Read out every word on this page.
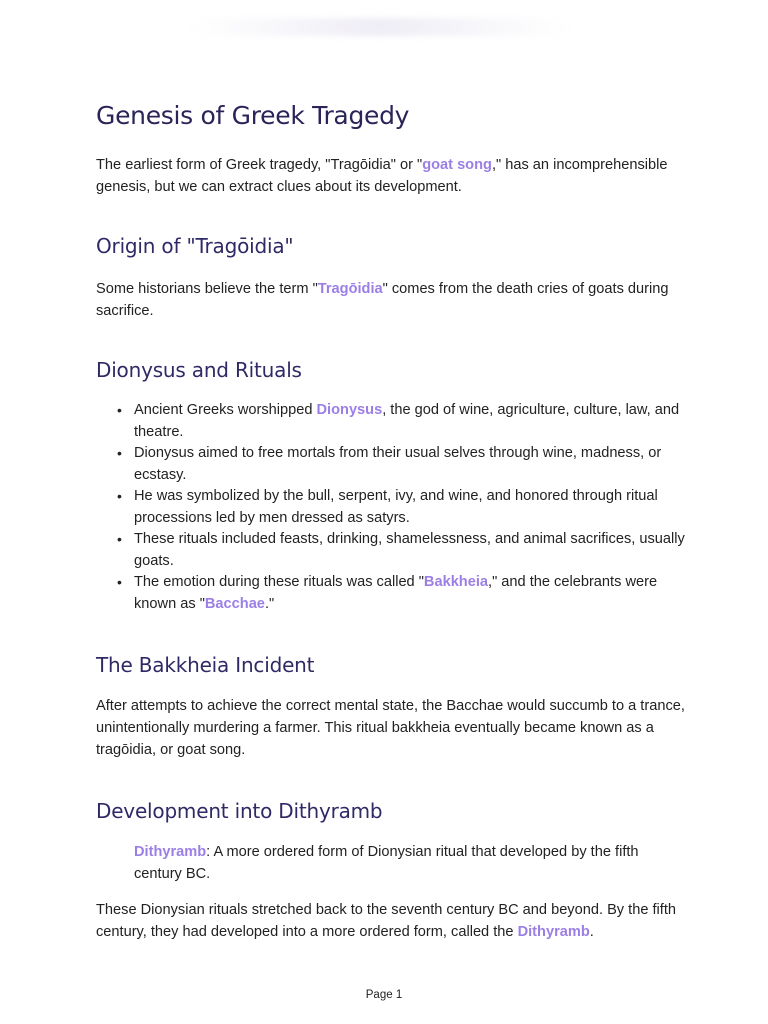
Genesis of Greek Tragedy

The earliest form of Greek tragedy, "Tragōidia" or "goat song," has an incomprehensible genesis, but we can extract clues about its development.

Origin of "Tragōidia"

Some historians believe the term "Tragōidia" comes from the death cries of goats during sacrifice.

Dionysus and Rituals
• Ancient Greeks worshipped Dionysus, the god of wine, agriculture, culture, law, and theatre.
• Dionysus aimed to free mortals from their usual selves through wine, madness, or ecstasy.
• He was symbolized by the bull, serpent, ivy, and wine, and honored through ritual processions led by men dressed as satyrs.
• These rituals included feasts, drinking, shamelessness, and animal sacrifices, usually goats.
• The emotion during these rituals was called "Bakkheia," and the celebrants were known as "Bacchae."
The Bakkheia Incident

After attempts to achieve the correct mental state, the Bacchae would succumb to a trance, unintentionally murdering a farmer. This ritual bakkheia eventually became known as a tragōidia, or goat song.

Development into Dithyramb
Dithyramb: A more ordered form of Dionysian ritual that developed by the fifth century BC.

These Dionysian rituals stretched back to the seventh century BC and beyond. By the fifth century, they had developed into a more ordered form, called the Dithyramb.

Page 1
